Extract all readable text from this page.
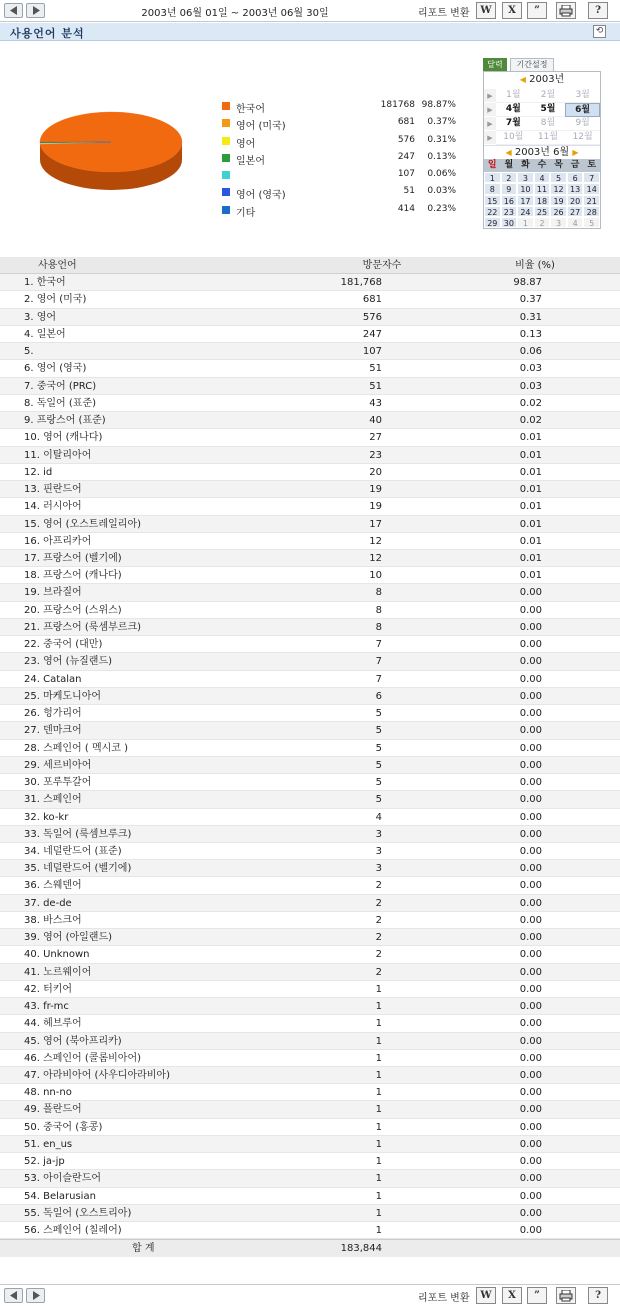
2003년 06월 01일 ~ 2003년 06월 30일	리포트 변환	W	X	”	?
사용언어 분석	⟲
한국어	181768 98.87%
영어 (미국)	681	0.37%
영어	576	0.31%
일본어	247	0.13%
107	0.06%
영어 (영국)	51	0.03%
기타	414	0.23%
달력	기간설정
◀ 2003년
▶	1월	2월	3월
▶	4월	5월	6월
▶	7월	8월	9월
▶	10월	11월	12월
◀ 2003년 6월 ▶
일 월 화 수 목 금 토
1	2	3	4	5	6	7
8	9	10 11 12 13 14
15 16 17 18 19 20 21
22 23 24 25 26 27 28
29 30	1	2	3	4	5
사용언어	방문자수	비율 (%)
1. 한국어	181,768	98.87
2. 영어 (미국)	681	0.37
3. 영어	576	0.31
4. 일본어	247	0.13
5.	107	0.06
6. 영어 (영국)	51	0.03
7. 중국어 (PRC)	51	0.03
8. 독일어 (표준)	43	0.02
9. 프랑스어 (표준)	40	0.02
10. 영어 (캐나다)	27	0.01
11. 이탈리아어	23	0.01
12. id	20	0.01
13. 핀란드어	19	0.01
14. 러시아어	19	0.01
15. 영어 (오스트레일리아)	17	0.01
16. 아프리카어	12	0.01
17. 프랑스어 (벨기에)	12	0.01
18. 프랑스어 (캐나다)	10	0.01
19. 브라질어	8	0.00
20. 프랑스어 (스위스)	8	0.00
21. 프랑스어 (룩셈부르크)	8	0.00
22. 중국어 (대만)	7	0.00
23. 영어 (뉴질랜드)	7	0.00
24. Catalan	7	0.00
25. 마케도니아어	6	0.00
26. 헝가리어	5	0.00
27. 덴마크어	5	0.00
28. 스페인어 ( 멕시코 )	5	0.00
29. 세르비아어	5	0.00
30. 포루투갈어	5	0.00
31. 스페인어	5	0.00
32. ko-kr	4	0.00
33. 독일어 (룩셈브루크)	3	0.00
34. 네덜란드어 (표준)	3	0.00
35. 네덜란드어 (벨기에)	3	0.00
36. 스웨덴어	2	0.00
37. de-de	2	0.00
38. 바스크어	2	0.00
39. 영어 (아일랜드)	2	0.00
40. Unknown	2	0.00
41. 노르웨이어	2	0.00
42. 터키어	1	0.00
43. fr-mc	1	0.00
44. 헤브루어	1	0.00
45. 영어 (북아프리카)	1	0.00
46. 스페인어 (콜롬비아어)	1	0.00
47. 아라비아어 (사우디아라비아)	1	0.00
48. nn-no	1	0.00
49. 폴란드어	1	0.00
50. 중국어 (홍콩)	1	0.00
51. en_us	1	0.00
52. ja-jp	1	0.00
53. 아이슬란드어	1	0.00
54. Belarusian	1	0.00
55. 독일어 (오스트리아)	1	0.00
56. 스페인어 (칠레어)	1	0.00
합 계	183,844
리포트 변환	W	X	”	?
